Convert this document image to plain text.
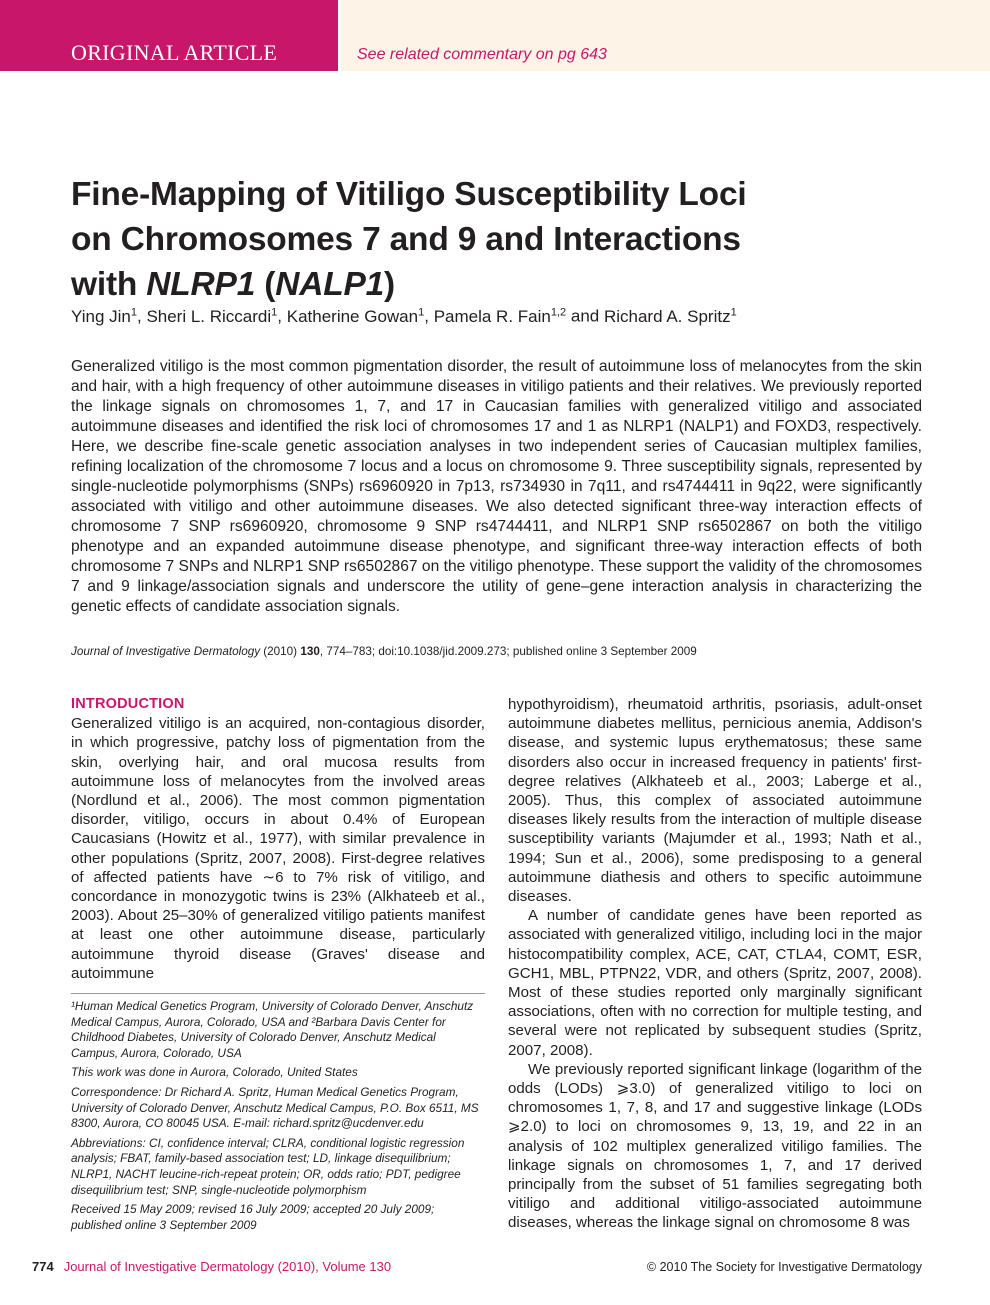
ORIGINAL ARTICLE	See related commentary on pg 643
Fine-Mapping of Vitiligo Susceptibility Loci
on Chromosomes 7 and 9 and Interactions
with NLRP1 (NALP1)
Ying Jin$^1$, Sheri L. Riccardi$^1$, Katherine Gowan$^1$, Pamela R. Fain$^{1,2}$ and Richard A. Spritz$^1$
Generalized vitiligo is the most common pigmentation disorder, the result of autoimmune loss of melanocytes from the skin and hair, with a high frequency of other autoimmune diseases in vitiligo patients and their relatives. We previously reported the linkage signals on chromosomes 1, 7, and 17 in Caucasian families with generalized vitiligo and associated autoimmune diseases and identified the risk loci of chromosomes 17 and 1 as NLRP1 (NALP1) and FOXD3, respectively. Here, we describe fine-scale genetic association analyses in two independent series of Caucasian multiplex families, refining localization of the chromosome 7 locus and a locus on chromosome 9. Three susceptibility signals, represented by single-nucleotide polymorphisms (SNPs) rs6960920 in 7p13, rs734930 in 7q11, and rs4744411 in 9q22, were significantly associated with vitiligo and other autoimmune diseases. We also detected significant three-way interaction effects of chromosome 7 SNP rs6960920, chromosome 9 SNP rs4744411, and NLRP1 SNP rs6502867 on both the vitiligo phenotype and an expanded autoimmune disease phenotype, and significant three-way interaction effects of both chromosome 7 SNPs and NLRP1 SNP rs6502867 on the vitiligo phenotype. These support the validity of the chromosomes 7 and 9 linkage/association signals and underscore the utility of gene–gene interaction analysis in characterizing the genetic effects of candidate association signals.
Journal of Investigative Dermatology (2010) 130, 774–783; doi:10.1038/jid.2009.273; published online 3 September 2009
INTRODUCTION

Generalized vitiligo is an acquired, non-contagious disorder, in which progressive, patchy loss of pigmentation from the skin, overlying hair, and oral mucosa results from autoimmune loss of melanocytes from the involved areas (Nordlund et al., 2006). The most common pigmentation disorder, vitiligo, occurs in about 0.4% of European Caucasians (Howitz et al., 1977), with similar prevalence in other populations (Spritz, 2007, 2008). First-degree relatives of affected patients have ∼6 to 7% risk of vitiligo, and concordance in monozygotic twins is 23% (Alkhateeb et al., 2003). About 25–30% of generalized vitiligo patients manifest at least one other autoimmune disease, particularly autoimmune thyroid disease (Graves' disease and autoimmune

¹Human Medical Genetics Program, University of Colorado Denver, Anschutz Medical Campus, Aurora, Colorado, USA and ²Barbara Davis Center for Childhood Diabetes, University of Colorado Denver, Anschutz Medical Campus, Aurora, Colorado, USA

This work was done in Aurora, Colorado, United States

Correspondence: Dr Richard A. Spritz, Human Medical Genetics Program, University of Colorado Denver, Anschutz Medical Campus, P.O. Box 6511, MS 8300, Aurora, CO 80045 USA. E-mail: richard.spritz@ucdenver.edu

Abbreviations: CI, confidence interval; CLRA, conditional logistic regression analysis; FBAT, family-based association test; LD, linkage disequilibrium; NLRP1, NACHT leucine-rich-repeat protein; OR, odds ratio; PDT, pedigree disequilibrium test; SNP, single-nucleotide polymorphism

Received 15 May 2009; revised 16 July 2009; accepted 20 July 2009; published online 3 September 2009

hypothyroidism), rheumatoid arthritis, psoriasis, adult-onset autoimmune diabetes mellitus, pernicious anemia, Addison's disease, and systemic lupus erythematosus; these same disorders also occur in increased frequency in patients' first-degree relatives (Alkhateeb et al., 2003; Laberge et al., 2005). Thus, this complex of associated autoimmune diseases likely results from the interaction of multiple disease susceptibility variants (Majumder et al., 1993; Nath et al., 1994; Sun et al., 2006), some predisposing to a general autoimmune diathesis and others to specific autoimmune diseases.

A number of candidate genes have been reported as associated with generalized vitiligo, including loci in the major histocompatibility complex, ACE, CAT, CTLA4, COMT, ESR, GCH1, MBL, PTPN22, VDR, and others (Spritz, 2007, 2008). Most of these studies reported only marginally significant associations, often with no correction for multiple testing, and several were not replicated by subsequent studies (Spritz, 2007, 2008).

We previously reported significant linkage (logarithm of the odds (LODs) ⩾3.0) of generalized vitiligo to loci on chromosomes 1, 7, 8, and 17 and suggestive linkage (LODs ⩾2.0) to loci on chromosomes 9, 13, 19, and 22 in an analysis of 102 multiplex generalized vitiligo families. The linkage signals on chromosomes 1, 7, and 17 derived principally from the subset of 51 families segregating both vitiligo and additional vitiligo-associated autoimmune diseases, whereas the linkage signal on chromosome 8 was

774 Journal of Investigative Dermatology (2010), Volume 130	© 2010 The Society for Investigative Dermatology
